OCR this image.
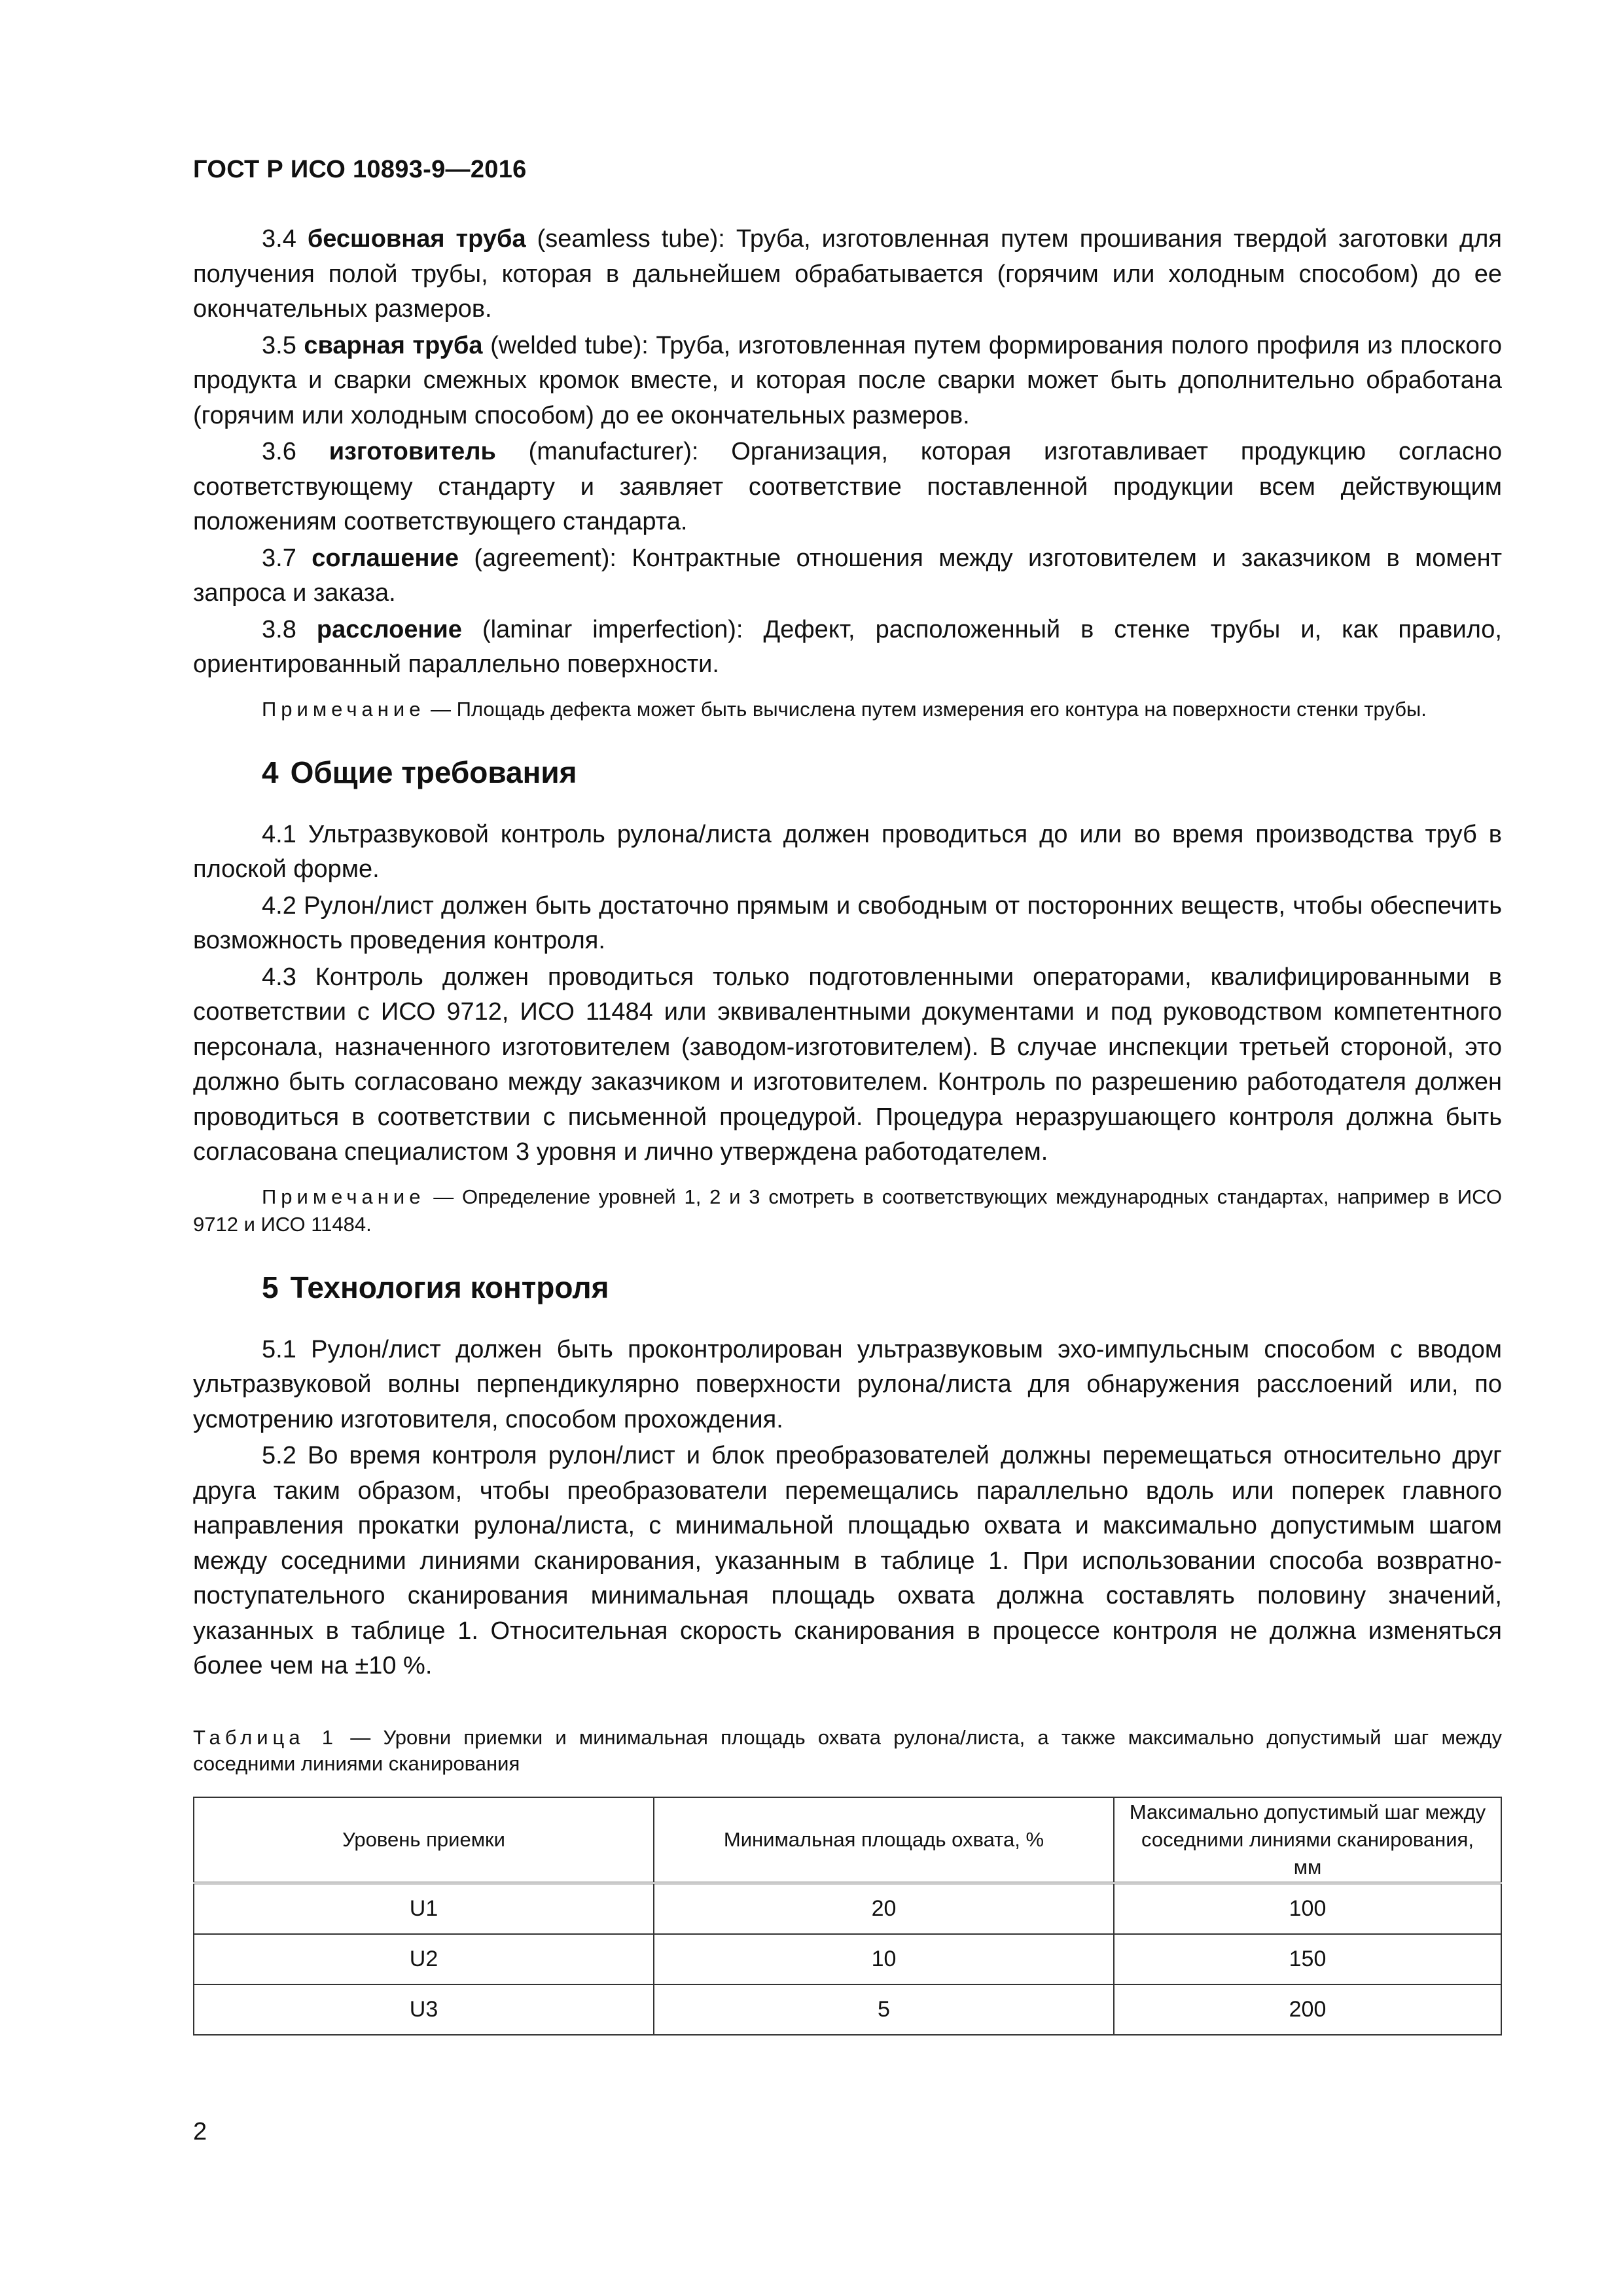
ГОСТ Р ИСО 10893-9—2016

3.4 бесшовная труба (seamless tube): Труба, изготовленная путем прошивания твердой заготовки для получения полой трубы, которая в дальнейшем обрабатывается (горячим или холодным способом) до ее окончательных размеров.

3.5 сварная труба (welded tube): Труба, изготовленная путем формирования полого профиля из плоского продукта и сварки смежных кромок вместе, и которая после сварки может быть дополнительно обработана (горячим или холодным способом) до ее окончательных размеров.

3.6 изготовитель (manufacturer): Организация, которая изготавливает продукцию согласно соответствующему стандарту и заявляет соответствие поставленной продукции всем действующим положениям соответствующего стандарта.

3.7 соглашение (agreement): Контрактные отношения между изготовителем и заказчиком в момент запроса и заказа.

3.8 расслоение (laminar imperfection): Дефект, расположенный в стенке трубы и, как правило, ориентированный параллельно поверхности.

Примечание — Площадь дефекта может быть вычислена путем измерения его контура на поверхности стенки трубы.

4 Общие требования

4.1 Ультразвуковой контроль рулона/листа должен проводиться до или во время производства труб в плоской форме.

4.2 Рулон/лист должен быть достаточно прямым и свободным от посторонних веществ, чтобы обеспечить возможность проведения контроля.

4.3 Контроль должен проводиться только подготовленными операторами, квалифицированными в соответствии с ИСО 9712, ИСО 11484 или эквивалентными документами и под руководством компетентного персонала, назначенного изготовителем (заводом-изготовителем). В случае инспекции третьей стороной, это должно быть согласовано между заказчиком и изготовителем. Контроль по разрешению работодателя должен проводиться в соответствии с письменной процедурой. Процедура неразрушающего контроля должна быть согласована специалистом 3 уровня и лично утверждена работодателем.

Примечание — Определение уровней 1, 2 и 3 смотреть в соответствующих международных стандартах, например в ИСО 9712 и ИСО 11484.

5 Технология контроля

5.1 Рулон/лист должен быть проконтролирован ультразвуковым эхо-импульсным способом с вводом ультразвуковой волны перпендикулярно поверхности рулона/листа для обнаружения расслоений или, по усмотрению изготовителя, способом прохождения.

5.2 Во время контроля рулон/лист и блок преобразователей должны перемещаться относительно друг друга таким образом, чтобы преобразователи перемещались параллельно вдоль или поперек главного направления прокатки рулона/листа, с минимальной площадью охвата и максимально допустимым шагом между соседними линиями сканирования, указанным в таблице 1. При использовании способа возвратно-поступательного сканирования минимальная площадь охвата должна составлять половину значений, указанных в таблице 1. Относительная скорость сканирования в процессе контроля не должна изменяться более чем на ±10 %.

Таблица 1 — Уровни приемки и минимальная площадь охвата рулона/листа, а также максимально допустимый шаг между соседними линиями сканирования

Уровень приемки	Минимальная площадь охвата, %	Максимально допустимый шаг между соседними линиями сканирования, мм
U1	20	100
U2	10	150
U3	5	200
2
